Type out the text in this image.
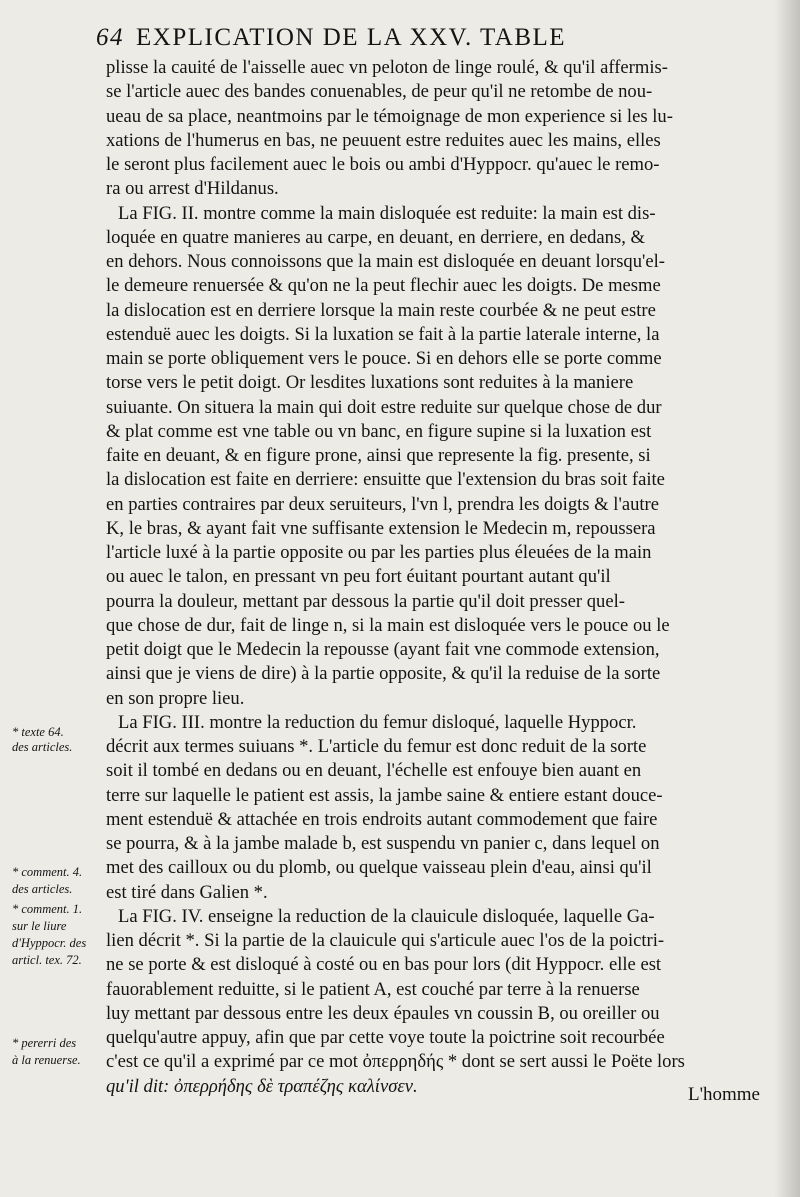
64 EXPLICATION DE LA XXV. TABLE
plisse la cauité de l'aisselle auec vn peloton de linge roulé, & qu'il affermis-
se l'article auec des bandes conuenables, de peur qu'il ne retombe de nou-
ueau de sa place, neantmoins par le témoignage de mon experience si les lu-
xations de l'humerus en bas, ne peuuent estre reduites auec les mains, elles
le seront plus facilement auec le bois ou ambi d'Hyppocr. qu'auec le remo-
ra ou arrest d'Hildanus.
La FIG. II. montre comme la main disloquée est reduite: la main est dis-
loquée en quatre manieres au carpe, en deuant, en derriere, en dedans, &
en dehors. Nous connoissons que la main est disloquée en deuant lorsqu'el-
le demeure renuersée & qu'on ne la peut flechir auec les doigts. De mesme
la dislocation est en derriere lorsque la main reste courbée & ne peut estre
estenduë auec les doigts. Si la luxation se fait à la partie laterale interne, la
main se porte obliquement vers le pouce. Si en dehors elle se porte comme
torse vers le petit doigt. Or lesdites luxations sont reduites à la maniere
suiuante. On situera la main qui doit estre reduite sur quelque chose de dur
& plat comme est vne table ou vn banc, en figure supine si la luxation est
faite en deuant, & en figure prone, ainsi que represente la fig. presente, si
la dislocation est faite en derriere: ensuitte que l'extension du bras soit faite
en parties contraires par deux seruiteurs, l'vn l, prendra les doigts & l'autre
K, le bras, & ayant fait vne suffisante extension le Medecin m, repoussera
l'article luxé à la partie opposite ou par les parties plus éleuées de la main
ou auec le talon, en pressant vn peu fort éuitant pourtant autant qu'il
pourra la douleur, mettant par dessous la partie qu'il doit presser quel-
que chose de dur, fait de linge n, si la main est disloquée vers le pouce ou le
petit doigt que le Medecin la repousse (ayant fait vne commode extension,
ainsi que je viens de dire) à la partie opposite, & qu'il la reduise de la sorte
en son propre lieu.
La FIG. III. montre la reduction du femur disloqué, laquelle Hyppocr.
décrit aux termes suiuans *. L'article du femur est donc reduit de la sorte
soit il tombé en dedans ou en deuant, l'échelle est enfouye bien auant en
terre sur laquelle le patient est assis, la jambe saine & entiere estant douce-
ment estenduë & attachée en trois endroits autant commodement que faire
se pourra, & à la jambe malade b, est suspendu vn panier c, dans lequel on
met des cailloux ou du plomb, ou quelque vaisseau plein d'eau, ainsi qu'il
est tiré dans Galien *.
La FIG. IV. enseigne la reduction de la clauicule disloquée, laquelle Ga-
lien décrit *. Si la partie de la clauicule qui s'articule auec l'os de la poictri-
ne se porte & est disloqué à costé ou en bas pour lors (dit Hyppocr. elle est
fauorablement reduitte, si le patient A, est couché par terre à la renuerse
luy mettant par dessous entre les deux épaules vn coussin B, ou oreiller ou
quelqu'autre appuy, afin que par cette voye toute la poictrine soit recourbée
c'est ce qu'il a exprimé par ce mot ὀπερρηδής * dont se sert aussi le Poëte lors
qu'il dit: ὀπερρήδης δὲ τραπέζης καλίνσεν.
* texte 64.
des articles.
* comment. 4.
des articles.
* comment. 1.
sur le liure
d'Hyppocr. des
articl. tex. 72.
* pererri des
à la renuerse.
L'homme
